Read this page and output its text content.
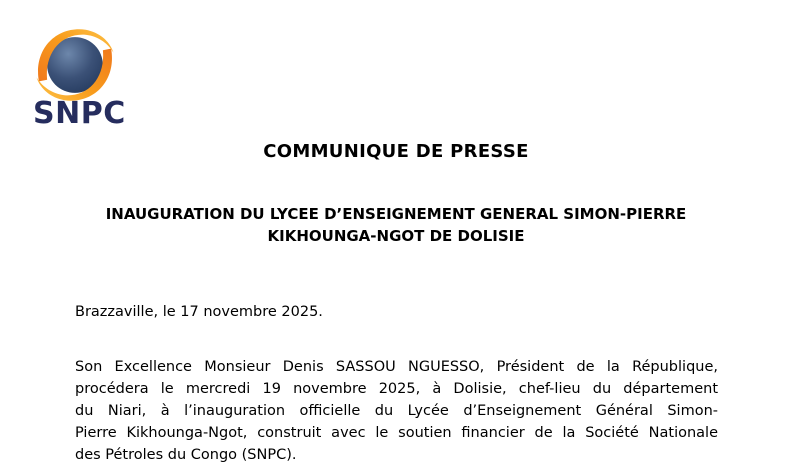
SNPC
COMMUNIQUE DE PRESSE
INAUGURATION DU LYCEE D’ENSEIGNEMENT GENERAL SIMON-PIERRE
KIKHOUNGA-NGOT DE DOLISIE
Brazzaville, le 17 novembre 2025.
Son Excellence Monsieur Denis SASSOU NGUESSO, Président de la République,
procédera le mercredi 19 novembre 2025, à Dolisie, chef-lieu du département
du Niari, à l’inauguration officielle du Lycée d’Enseignement Général Simon-
Pierre Kikhounga-Ngot, construit avec le soutien financier de la Société Nationale
des Pétroles du Congo (SNPC).
